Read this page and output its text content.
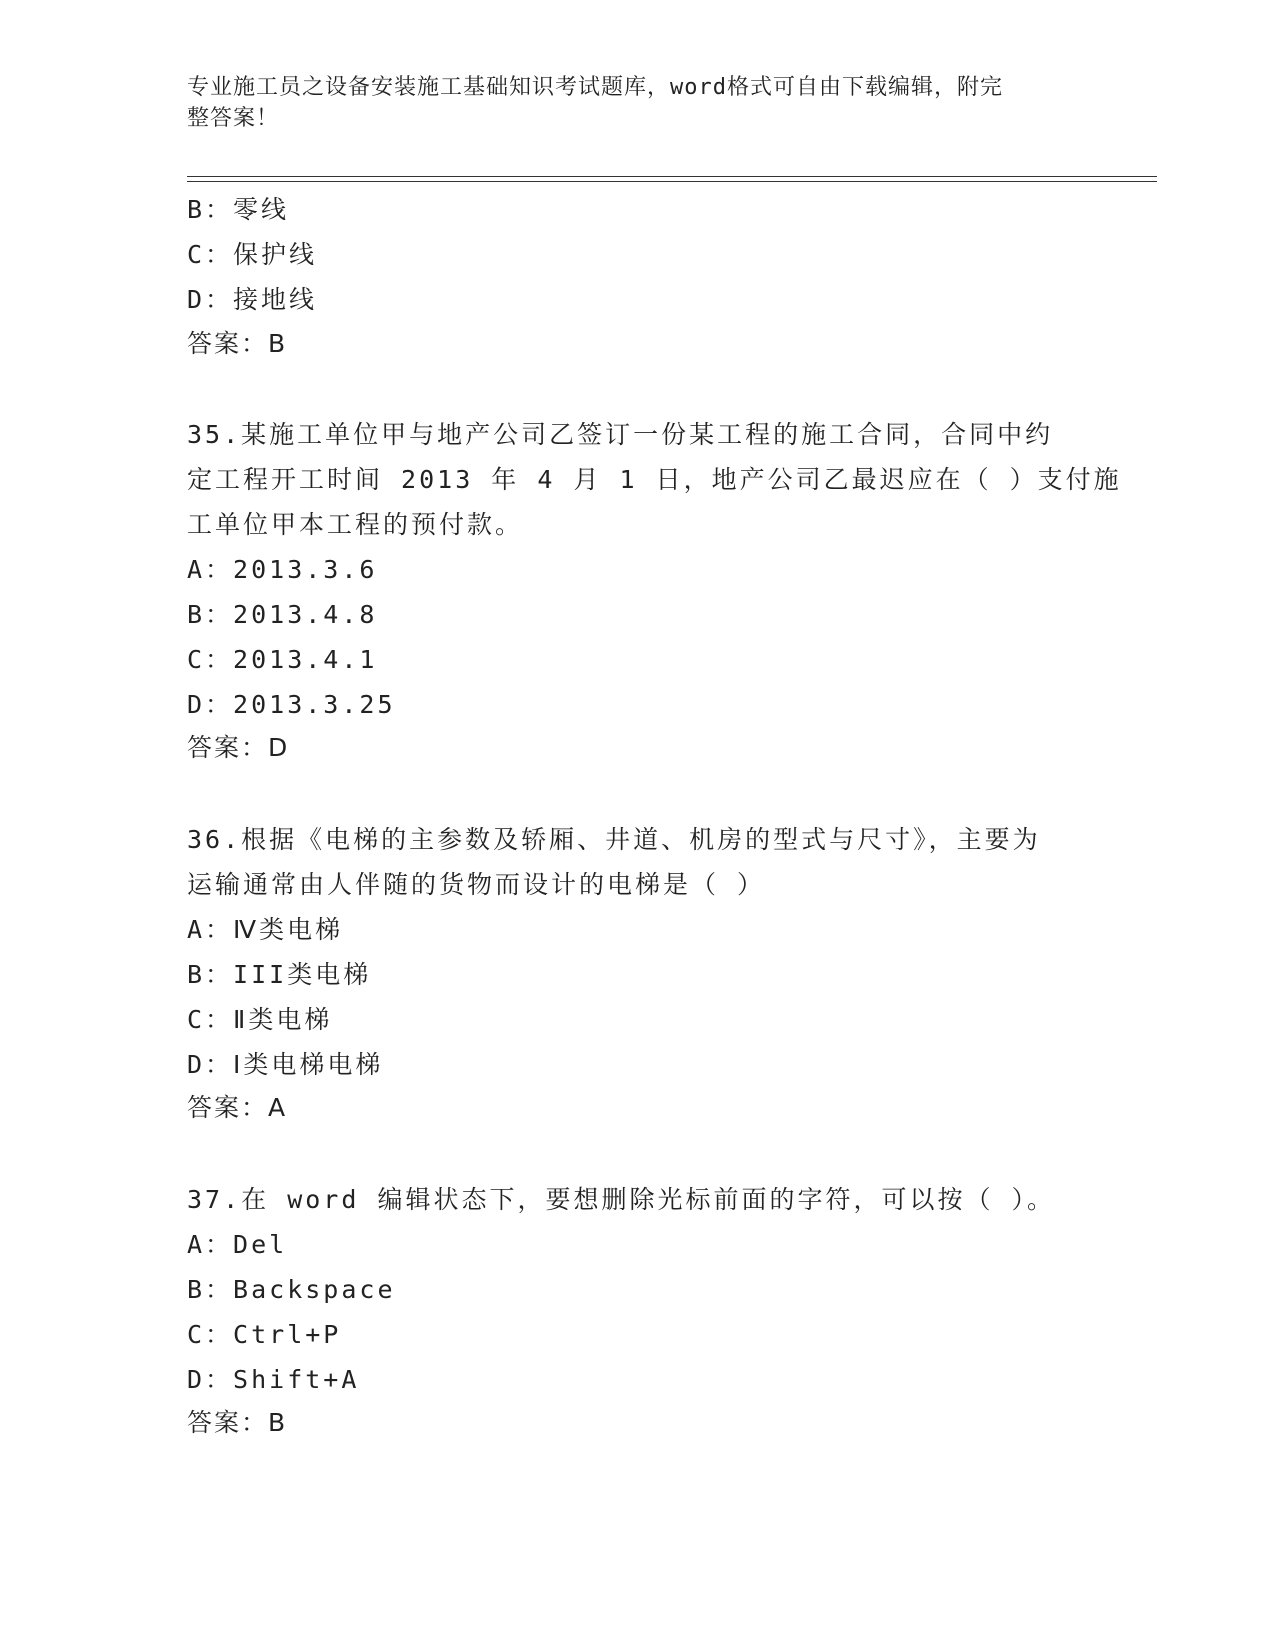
专业施工员之设备安装施工基础知识考试题库，word格式可自由下载编辑，附完
整答案！
B：零线
C：保护线
D：接地线
答案：B
35.某施工单位甲与地产公司乙签订一份某工程的施工合同，合同中约
定工程开工时间 2013 年 4 月 1 日，地产公司乙最迟应在（ ）支付施
工单位甲本工程的预付款。
A：2013.3.6
B：2013.4.8
C：2013.4.1
D：2013.3.25
答案：D
36.根据《电梯的主参数及轿厢、井道、机房的型式与尺寸》，主要为
运输通常由人伴随的货物而设计的电梯是（ ）
A：Ⅳ类电梯
B：III类电梯
C：Ⅱ类电梯
D：Ⅰ类电梯电梯
答案：A
37.在 word 编辑状态下，要想删除光标前面的字符，可以按（ ）。
A：Del
B：Backspace
C：Ctrl+P
D：Shift+A
答案：B
